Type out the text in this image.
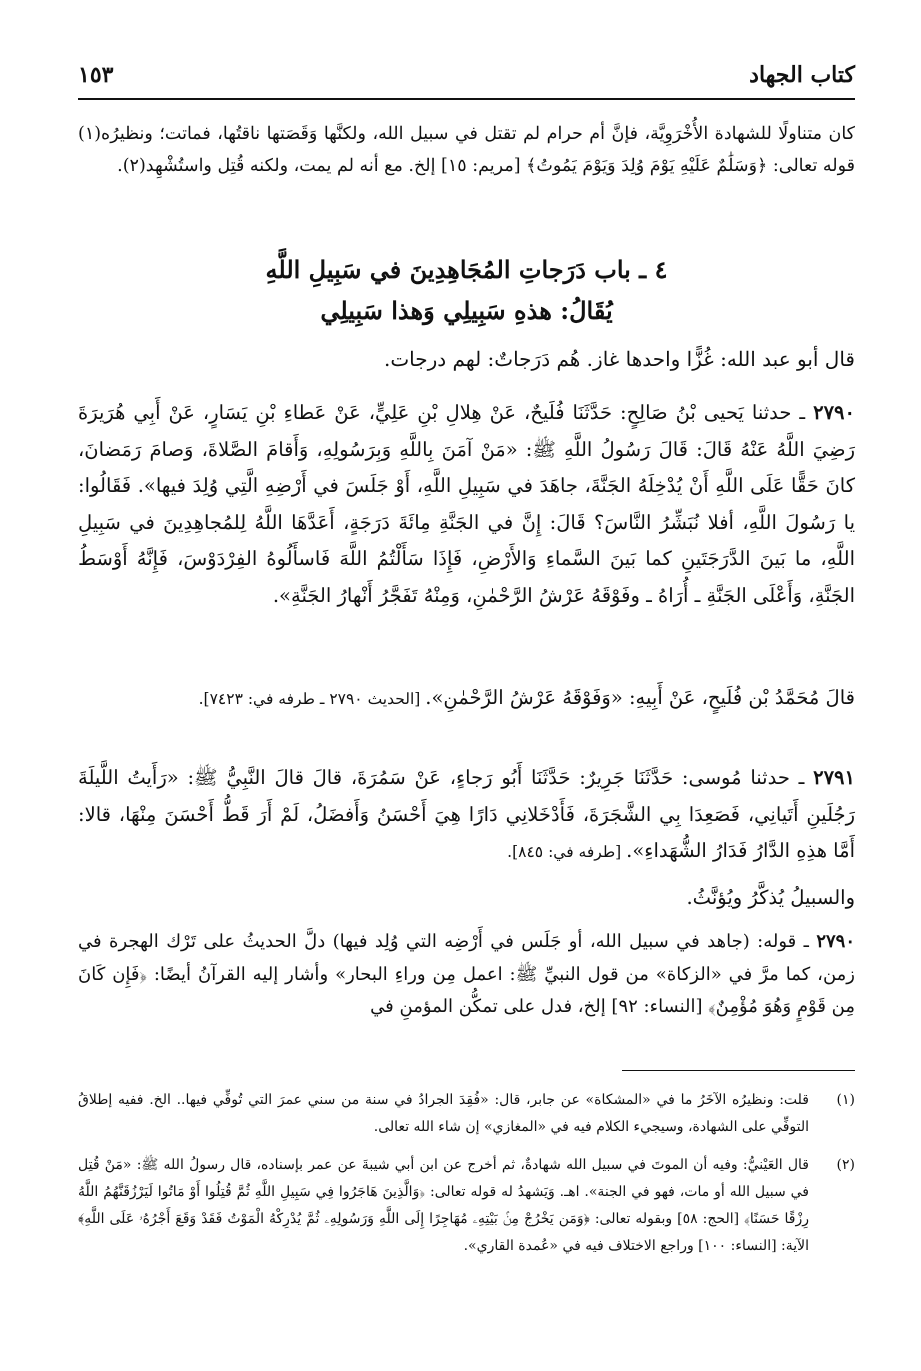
كتاب الجهاد
١٥٣

كان متناولًا للشهادة الأُخْرَوِيَّة، فإنَّ أم حرام لم تقتل في سبيل الله، ولكنَّها وَقَصَتها ناقتُها، فماتت؛ ونظيرُه(١) قوله تعالى: ﴿وَسَلَٰمٌ عَلَيْهِ يَوْمَ وُلِدَ وَيَوْمَ يَمُوتُ﴾ [مريم: ١٥] إلخ. مع أنه لم يمت، ولكنه قُتِل واستُشْهِد(٢).

٤ ـ باب دَرَجاتِ المُجَاهِدِينَ في سَبِيلِ اللَّهِ
يُقَالُ: هذهِ سَبِيلِي وَهذا سَبِيلِي

قال أبو عبد الله: غُزًّا واحدها غاز. هُم دَرَجاتٌ: لهم درجات.

٢٧٩٠ ـ حدثنا يَحيى بْنُ صَالِحٍ: حَدَّثَنَا فُلَيحٌ، عَنْ هِلالِ بْنِ عَلِيٍّ، عَنْ عَطاءِ بْنِ يَسَارٍ، عَنْ أَبِي هُرَيرَةَ رَضِيَ اللَّهُ عَنْهُ قَالَ: قَالَ رَسُولُ اللَّهِ ﷺ: «مَنْ آمَنَ بِاللَّهِ وَبِرَسُولِهِ، وَأَقامَ الصَّلاةَ، وَصامَ رَمَضانَ، كانَ حَقًّا عَلَى اللَّهِ أَنْ يُدْخِلَهُ الجَنَّةَ، جاهَدَ في سَبِيلِ اللَّهِ، أَوْ جَلَسَ في أَرْضِهِ الَّتِي وُلِدَ فيها». فَقَالُوا: يا رَسُولَ اللَّهِ، أفلا نُبَشِّرُ النَّاسَ؟ قَالَ: إِنَّ في الجَنَّةِ مِائَةَ دَرَجَةٍ، أَعَدَّهَا اللَّهُ لِلمُجاهِدِينَ في سَبِيلِ اللَّهِ، ما بَينَ الدَّرَجَتَينِ كما بَينَ السَّماءِ وَالأَرْضِ، فَإِذَا سَأَلْتُمُ اللَّهَ فَاسأَلُوهُ الفِرْدَوْسَ، فَإِنَّهُ أَوْسَطُ الجَنَّةِ، وَأَعْلَى الجَنَّةِ ـ أُرَاهُ ـ وفَوْقَهُ عَرْشُ الرَّحْمٰنِ، وَمِنْهُ تَفَجَّرُ أَنْهارُ الجَنَّةِ».

قالَ مُحَمَّدُ بْن فُلَيحٍ، عَنْ أَبِيهِ: «وَفَوْقَهُ عَرْشُ الرَّحْمٰنِ». [الحديث ٢٧٩٠ ـ طرفه في: ٧٤٢٣].

٢٧٩١ ـ حدثنا مُوسى: حَدَّثَنَا جَرِيرٌ: حَدَّثَنَا أَبُو رَجاءٍ، عَنْ سَمُرَةَ، قالَ قالَ النَّبِيُّ ﷺ: «رَأَيتُ اللَّيلَةَ رَجُلَينِ أَتَيانِي، فَصَعِدَا بِي الشَّجَرَةَ، فَأَدْخَلانِي دَارًا هِيَ أَحْسَنُ وَأَفضَلُ، لَمْ أَرَ قَطُّ أَحْسَنَ مِنْهَا، قالا: أَمَّا هذِهِ الدَّارُ فَدَارُ الشُّهَداءِ». [طرفه في: ٨٤٥].

والسبيلُ يُذكَّرُ ويُؤنَّثُ.

٢٧٩٠ ـ قوله: (جاهد في سبيل الله، أو جَلَس في أَرْضِه التي وُلِد فيها) دلَّ الحديثُ على تَرْك الهجرة في زمن، كما مرَّ في «الزكاة» من قول النبيِّ ﷺ: اعمل مِن وراءِ البحار» وأشار إليه القرآنُ أيضًا: ﴿فَإِن كَانَ مِن قَوْمٍ وَهُوَ مُؤْمِنٌ﴾ [النساء: ٩٢] إلخ، فدل على تمكُّن المؤمنِ في

(١)
قلت: ونظيرُه الآخَرُ ما في «المشكاة» عن جابر، قال: «فُقِدَ الجرادُ في سنة من سني عمرَ التي تُوفِّي فيها.. الخ. ففيه إطلاقُ التوفِّي على الشهادة، وسيجيء الكلام فيه في «المغازي» إن شاء الله تعالى.
(٢)
قال العَيْنيُّ: وفيه أن الموتَ في سبيل الله شهادةٌ، ثم أخرج عن ابن أبي شيبةَ عن عمر بإسناده، قال رسولُ الله ﷺ: «مَنْ قُتِل في سبيل الله أو مات، فهو في الجنة». اهـ. وَيَشهدُ له قوله تعالى: ﴿وَالَّذِينَ هَاجَرُوا فِي سَبِيلِ اللَّهِ ثُمَّ قُتِلُوا أَوْ مَاتُوا لَيَرْزُقَنَّهُمُ اللَّهُ رِزْقًا حَسَنًا﴾ [الحج: ٥٨] وبقوله تعالى: ﴿وَمَن يَخْرُجْ مِنۢ بَيْتِهِۦ مُهَاجِرًا إِلَى اللَّهِ وَرَسُولِهِۦ ثُمَّ يُدْرِكْهُ الْمَوْتُ فَقَدْ وَقَعَ أَجْرُهُۥ عَلَى اللَّهِ﴾ الآية: [النساء: ١٠٠] وراجع الاختلاف فيه في «عُمدة القاري».
